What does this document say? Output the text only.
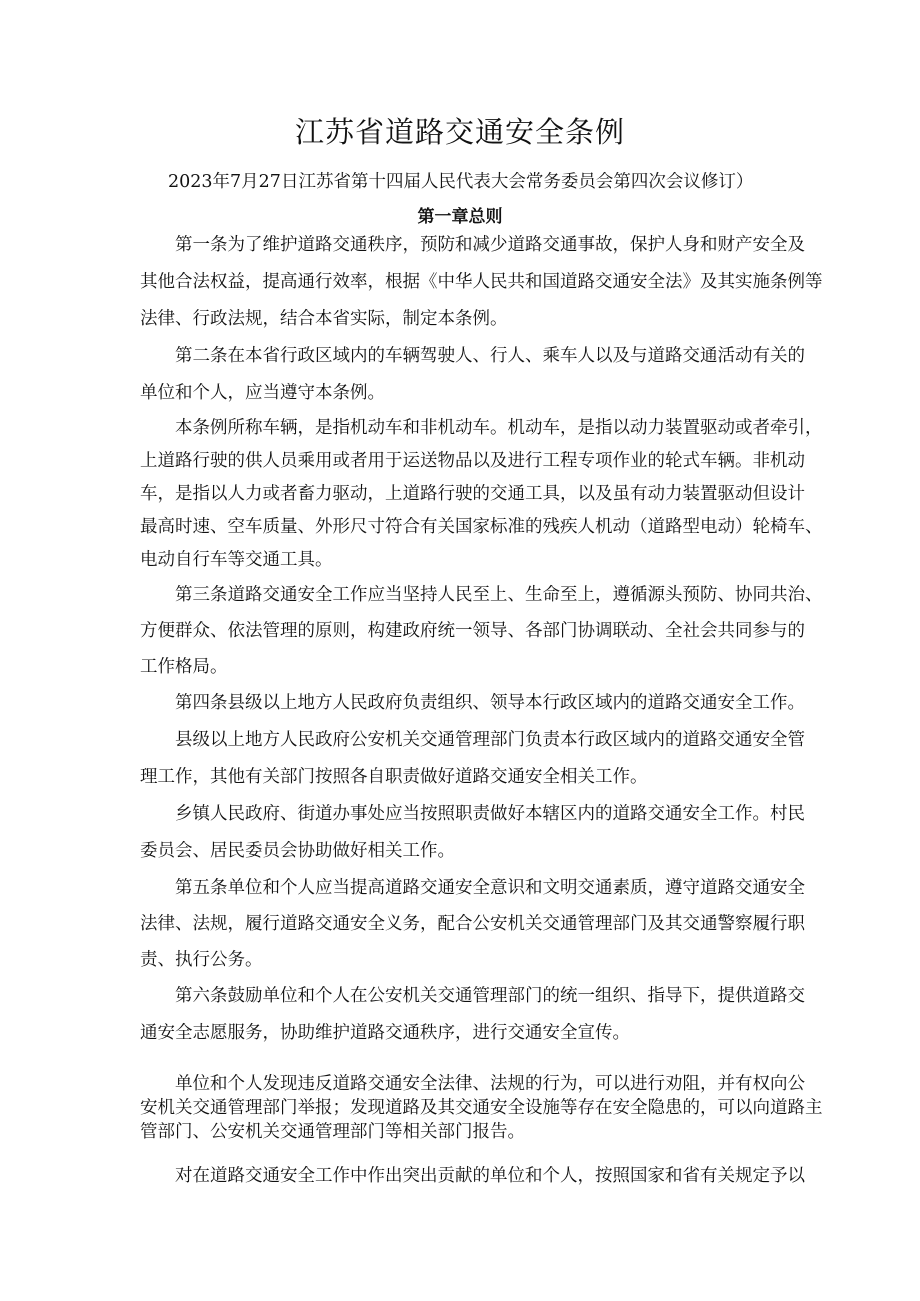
江苏省道路交通安全条例
2023年7月27日江苏省第十四届人民代表大会常务委员会第四次会议修订）
第一章总则
第一条为了维护道路交通秩序，预防和减少道路交通事故，保护人身和财产安全及
其他合法权益，提高通行效率，根据《中华人民共和国道路交通安全法》及其实施条例等
法律、行政法规，结合本省实际，制定本条例。
第二条在本省行政区域内的车辆驾驶人、行人、乘车人以及与道路交通活动有关的
单位和个人，应当遵守本条例。
本条例所称车辆，是指机动车和非机动车。机动车，是指以动力装置驱动或者牵引，
上道路行驶的供人员乘用或者用于运送物品以及进行工程专项作业的轮式车辆。非机动
车，是指以人力或者畜力驱动，上道路行驶的交通工具，以及虽有动力装置驱动但设计
最高时速、空车质量、外形尺寸符合有关国家标准的残疾人机动（道路型电动）轮椅车、
电动自行车等交通工具。
第三条道路交通安全工作应当坚持人民至上、生命至上，遵循源头预防、协同共治、
方便群众、依法管理的原则，构建政府统一领导、各部门协调联动、全社会共同参与的
工作格局。
第四条县级以上地方人民政府负责组织、领导本行政区域内的道路交通安全工作。
县级以上地方人民政府公安机关交通管理部门负责本行政区域内的道路交通安全管
理工作，其他有关部门按照各自职责做好道路交通安全相关工作。
乡镇人民政府、街道办事处应当按照职责做好本辖区内的道路交通安全工作。村民
委员会、居民委员会协助做好相关工作。
第五条单位和个人应当提高道路交通安全意识和文明交通素质，遵守道路交通安全
法律、法规，履行道路交通安全义务，配合公安机关交通管理部门及其交通警察履行职
责、执行公务。
第六条鼓励单位和个人在公安机关交通管理部门的统一组织、指导下，提供道路交
通安全志愿服务，协助维护道路交通秩序，进行交通安全宣传。
单位和个人发现违反道路交通安全法律、法规的行为，可以进行劝阻，并有权向公
安机关交通管理部门举报；发现道路及其交通安全设施等存在安全隐患的，可以向道路主
管部门、公安机关交通管理部门等相关部门报告。
对在道路交通安全工作中作出突出贡献的单位和个人，按照国家和省有关规定予以
